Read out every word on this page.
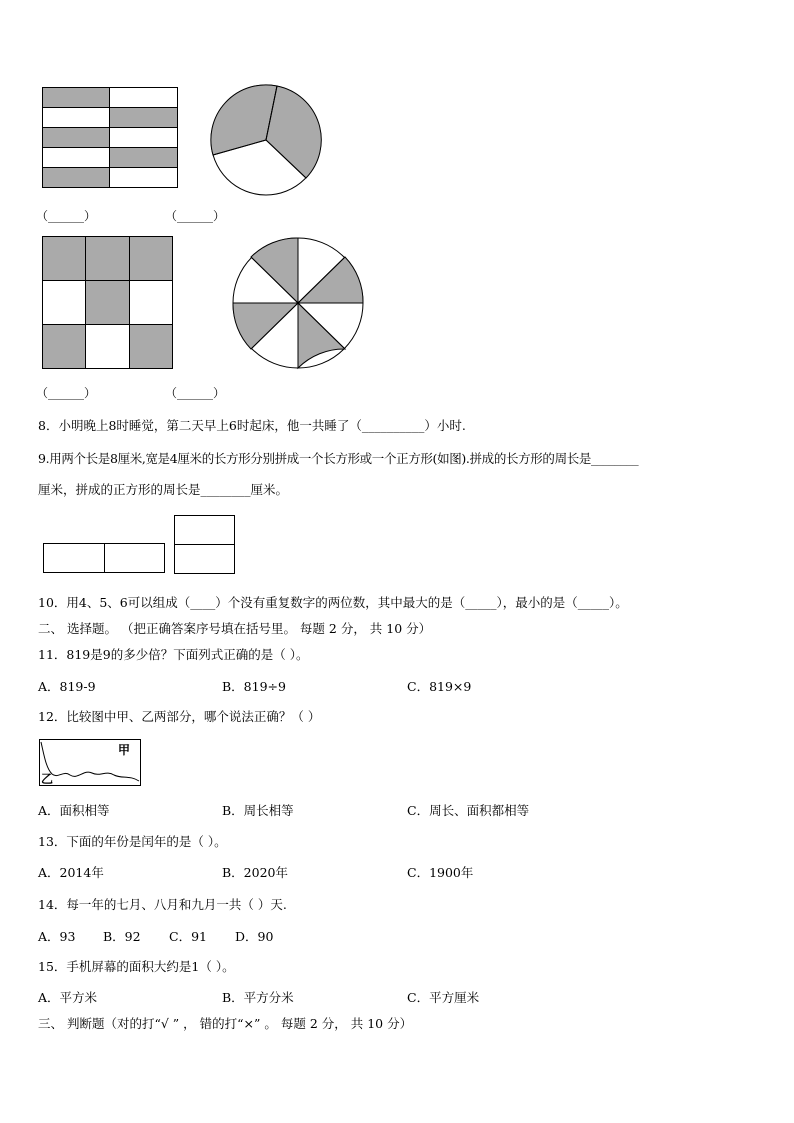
（______）	（______）
（______）	（______）
8．小明晚上8时睡觉，第二天早上6时起床，他一共睡了（__________）小时.
9.用两个长是8厘米,宽是4厘米的长方形分别拼成一个长方形或一个正方形(如图).拼成的长方形的周长是________
厘米，拼成的正方形的周长是________厘米。
10．用4、5、6可以组成（____）个没有重复数字的两位数，其中最大的是（_____），最小的是（_____）。
二、 选择题。 （把正确答案序号填在括号里。 每题 2 分， 共 10 分）
11．819是9的多少倍？下面列式正确的是（ ）。
A．819-9	B．819÷9	C．819×9
12．比较图中甲、乙两部分，哪个说法正确？（ ）
甲
乙
A．面积相等	B．周长相等	C．周长、面积都相等
13．下面的年份是闰年的是（ ）。
A．2014年	B．2020年	C．1900年
14．每一年的七月、八月和九月一共（ ）天.
A．93 B．92 C．91 D．90
15．手机屏幕的面积大约是1（ ）。
A．平方米	B．平方分米	C．平方厘米
三、 判断题（对的打“√ ” ， 错的打“×” 。 每题 2 分， 共 10 分）
